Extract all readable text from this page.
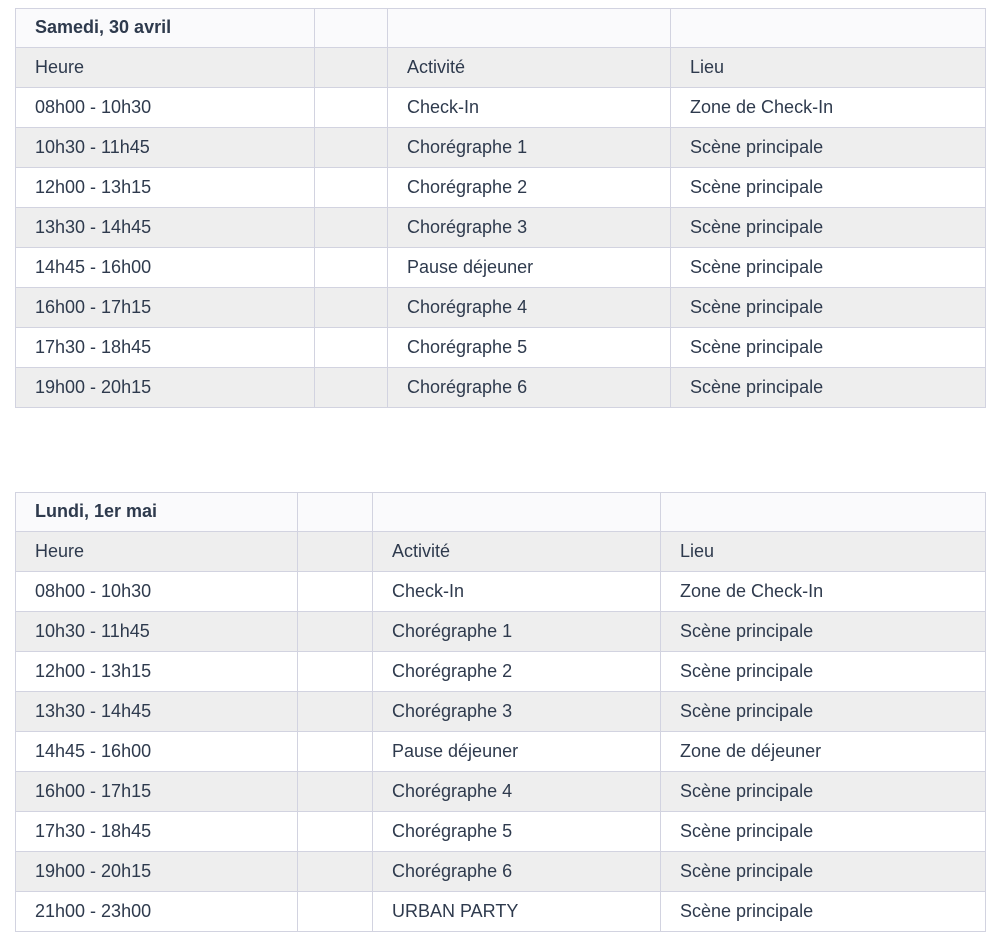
Samedi, 30 avril			
Heure		Activité	Lieu
08h00 - 10h30		Check-In	Zone de Check-In
10h30 - 11h45		Chorégraphe 1	Scène principale
12h00 - 13h15		Chorégraphe 2	Scène principale
13h30 - 14h45		Chorégraphe 3	Scène principale
14h45 - 16h00		Pause déjeuner	Scène principale
16h00 - 17h15		Chorégraphe 4	Scène principale
17h30 - 18h45		Chorégraphe 5	Scène principale
19h00 - 20h15		Chorégraphe 6	Scène principale
Lundi, 1er mai			
Heure		Activité	Lieu
08h00 - 10h30		Check-In	Zone de Check-In
10h30 - 11h45		Chorégraphe 1	Scène principale
12h00 - 13h15		Chorégraphe 2	Scène principale
13h30 - 14h45		Chorégraphe 3	Scène principale
14h45 - 16h00		Pause déjeuner	Zone de déjeuner
16h00 - 17h15		Chorégraphe 4	Scène principale
17h30 - 18h45		Chorégraphe 5	Scène principale
19h00 - 20h15		Chorégraphe 6	Scène principale
21h00 - 23h00		URBAN PARTY	Scène principale
